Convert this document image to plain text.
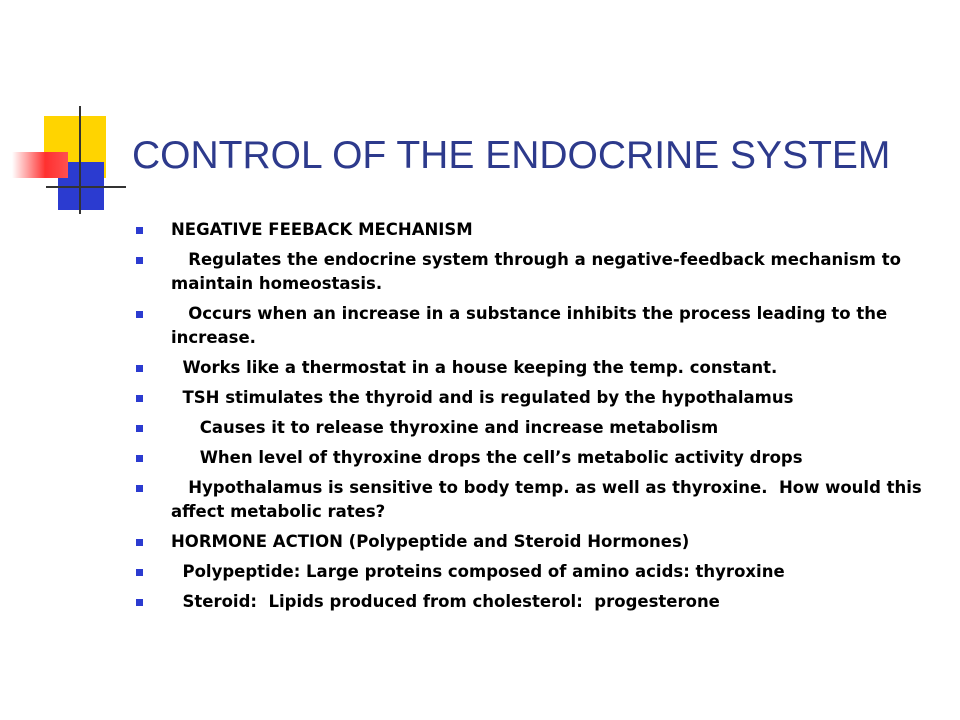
CONTROL OF THE ENDOCRINE SYSTEM
NEGATIVE FEEBACK MECHANISM
Regulates the endocrine system through a negative-feedback mechanism to maintain homeostasis.
Occurs when an increase in a substance inhibits the process leading to the increase.
Works like a thermostat in a house keeping the temp. constant.
TSH stimulates the thyroid and is regulated by the hypothalamus
Causes it to release thyroxine and increase metabolism
When level of thyroxine drops the cell’s metabolic activity drops
Hypothalamus is sensitive to body temp. as well as thyroxine.  How would this affect metabolic rates?
HORMONE ACTION (Polypeptide and Steroid Hormones)
Polypeptide: Large proteins composed of amino acids: thyroxine
Steroid:  Lipids produced from cholesterol:  progesterone
